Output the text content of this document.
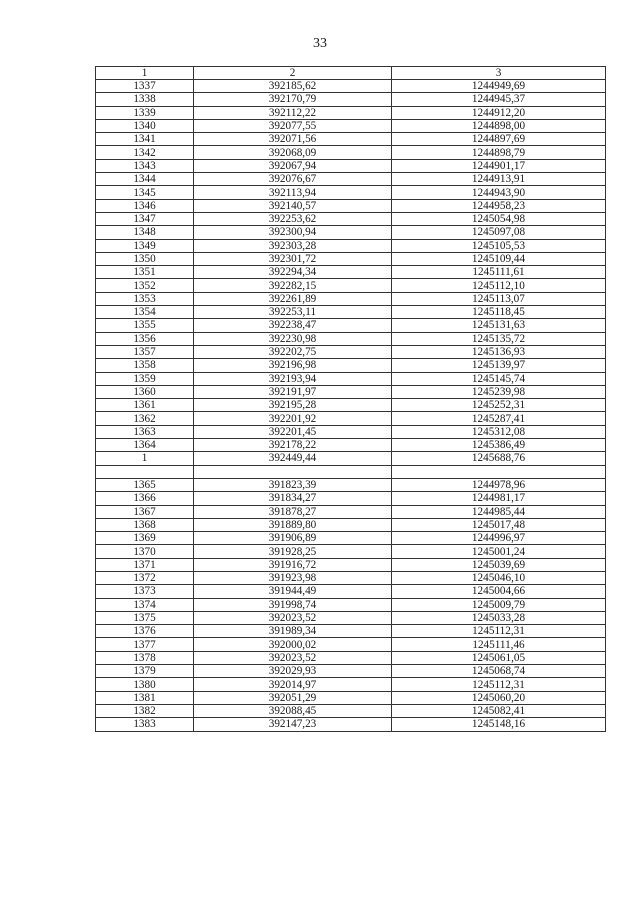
33
1	2	3
1337	392185,62	1244949,69
1338	392170,79	1244945,37
1339	392112,22	1244912,20
1340	392077,55	1244898,00
1341	392071,56	1244897,69
1342	392068,09	1244898,79
1343	392067,94	1244901,17
1344	392076,67	1244913,91
1345	392113,94	1244943,90
1346	392140,57	1244958,23
1347	392253,62	1245054,98
1348	392300,94	1245097,08
1349	392303,28	1245105,53
1350	392301,72	1245109,44
1351	392294,34	1245111,61
1352	392282,15	1245112,10
1353	392261,89	1245113,07
1354	392253,11	1245118,45
1355	392238,47	1245131,63
1356	392230,98	1245135,72
1357	392202,75	1245136,93
1358	392196,98	1245139,97
1359	392193,94	1245145,74
1360	392191,97	1245239,98
1361	392195,28	1245252,31
1362	392201,92	1245287,41
1363	392201,45	1245312,08
1364	392178,22	1245386,49
1	392449,44	1245688,76

1365	391823,39	1244978,96
1366	391834,27	1244981,17
1367	391878,27	1244985,44
1368	391889,80	1245017,48
1369	391906,89	1244996,97
1370	391928,25	1245001,24
1371	391916,72	1245039,69
1372	391923,98	1245046,10
1373	391944,49	1245004,66
1374	391998,74	1245009,79
1375	392023,52	1245033,28
1376	391989,34	1245112,31
1377	392000,02	1245111,46
1378	392023,52	1245061,05
1379	392029,93	1245068,74
1380	392014,97	1245112,31
1381	392051,29	1245060,20
1382	392088,45	1245082,41
1383	392147,23	1245148,16
